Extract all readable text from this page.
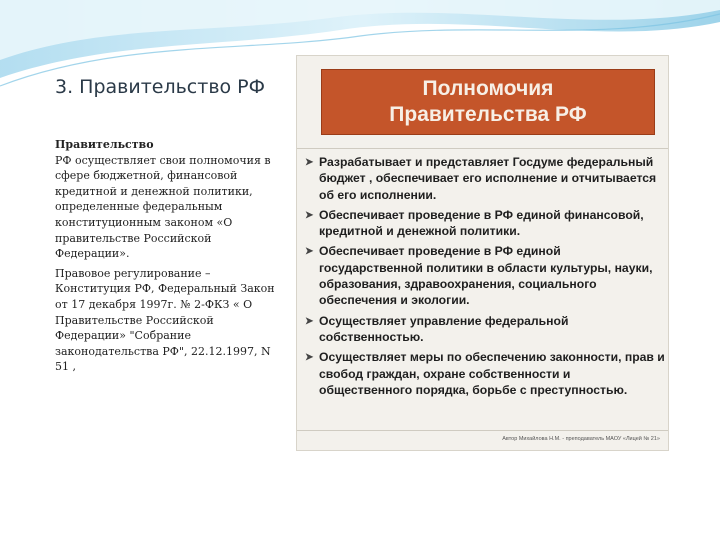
3. Правительство РФ

Правительство
РФ осуществляет свои полномочия в сфере бюджетной, финансовой кредитной и денежной политики, определенные федеральным конституционным законом «О правительстве Российской Федерации».

Правовое регулирование – Конституция РФ, Федеральный Закон от 17 декабря 1997г. № 2-ФКЗ « О Правительстве Российской Федерации» "Собрание законодательства РФ", 22.12.1997, N 51 ,

Полномочия
Правительства РФ
➤ Разрабатывает и представляет Госдуме федеральный бюджет , обеспечивает его исполнение и отчитывается об его исполнении.
➤ Обеспечивает проведение в РФ единой финансовой, кредитной и денежной политики.
➤ Обеспечивает проведение в РФ единой государственной политики в области культуры, науки, образования, здравоохранения, социального обеспечения и экологии.
➤ Осуществляет управление федеральной собственностью.
➤ Осуществляет меры по обеспечению законности, прав и свобод граждан, охране собственности и общественного порядка, борьбе с преступностью.
Автор Михайлова Н.М. - преподаватель МАОУ «Лицей № 21»
